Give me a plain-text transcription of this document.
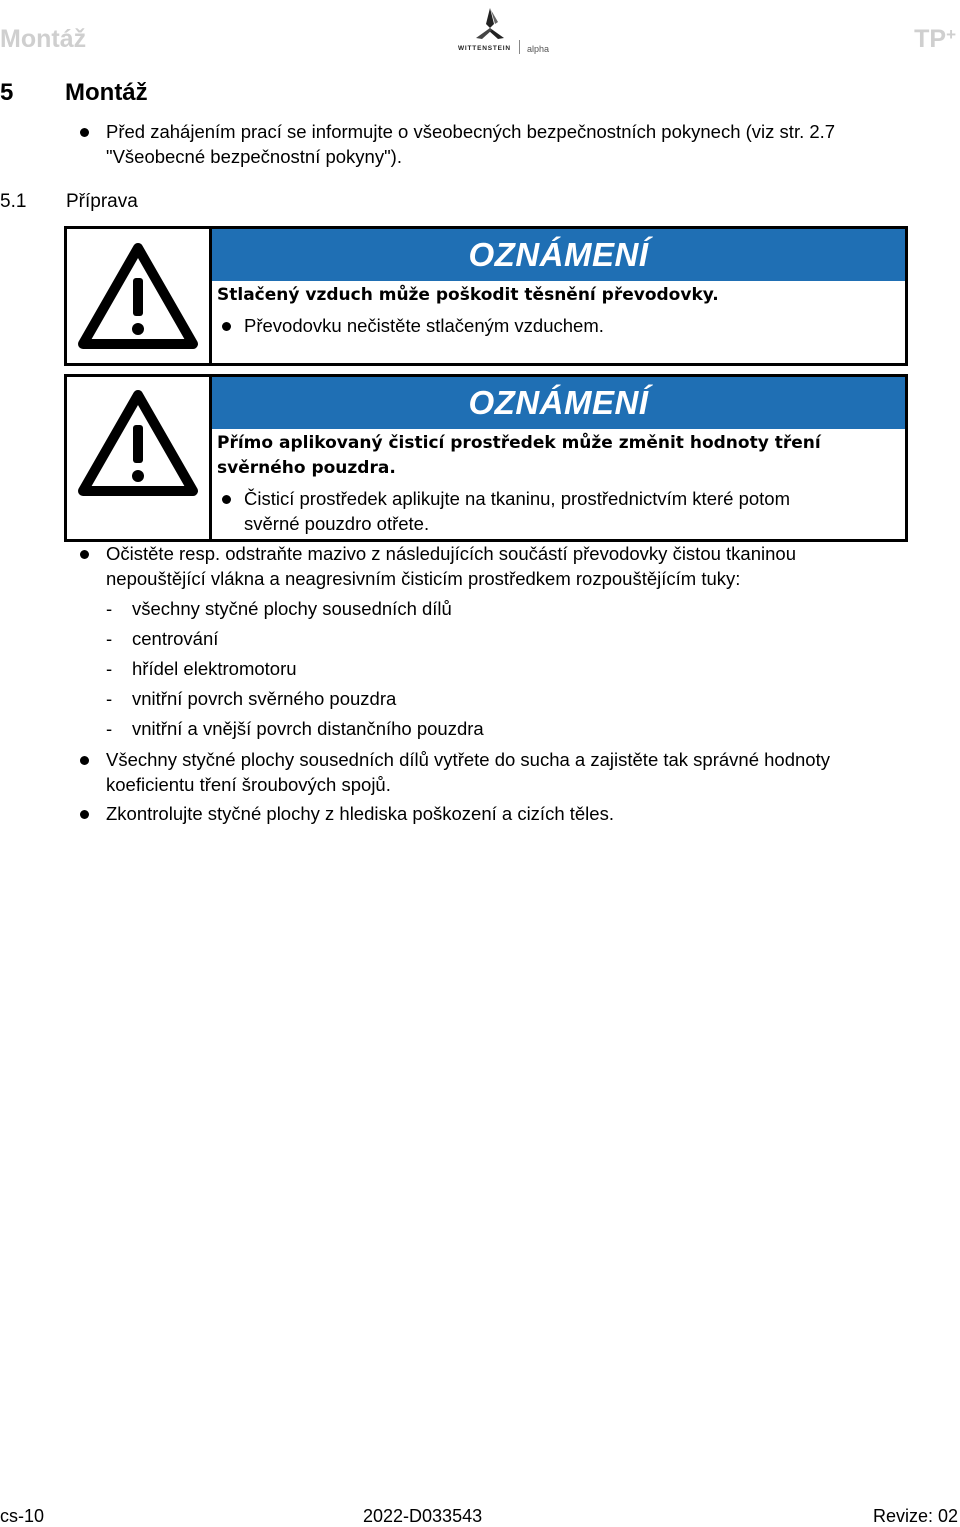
Montáž	WITTENSTEIN alpha	TP+
5 Montáž
Před zahájením prací se informujte o všeobecných bezpečnostních pokynech (viz str. 2.7
"Všeobecné bezpečnostní pokyny").
5.1 Příprava
OZNÁMENÍ
Stlačený vzduch může poškodit těsnění převodovky.
Převodovku nečistěte stlačeným vzduchem.
OZNÁMENÍ
Přímo aplikovaný čisticí prostředek může změnit hodnoty tření
svěrného pouzdra.
Čisticí prostředek aplikujte na tkaninu, prostřednictvím které potom
svěrné pouzdro otřete.
Očistěte resp. odstraňte mazivo z následujících součástí převodovky čistou tkaninou
nepouštějící vlákna a neagresivním čisticím prostředkem rozpouštějícím tuky:
- všechny styčné plochy sousedních dílů
- centrování
- hřídel elektromotoru
- vnitřní povrch svěrného pouzdra
- vnitřní a vnější povrch distančního pouzdra
Všechny styčné plochy sousedních dílů vytřete do sucha a zajistěte tak správné hodnoty
koeficientu tření šroubových spojů.
Zkontrolujte styčné plochy z hlediska poškození a cizích těles.
cs-10	2022-D033543	Revize: 02
